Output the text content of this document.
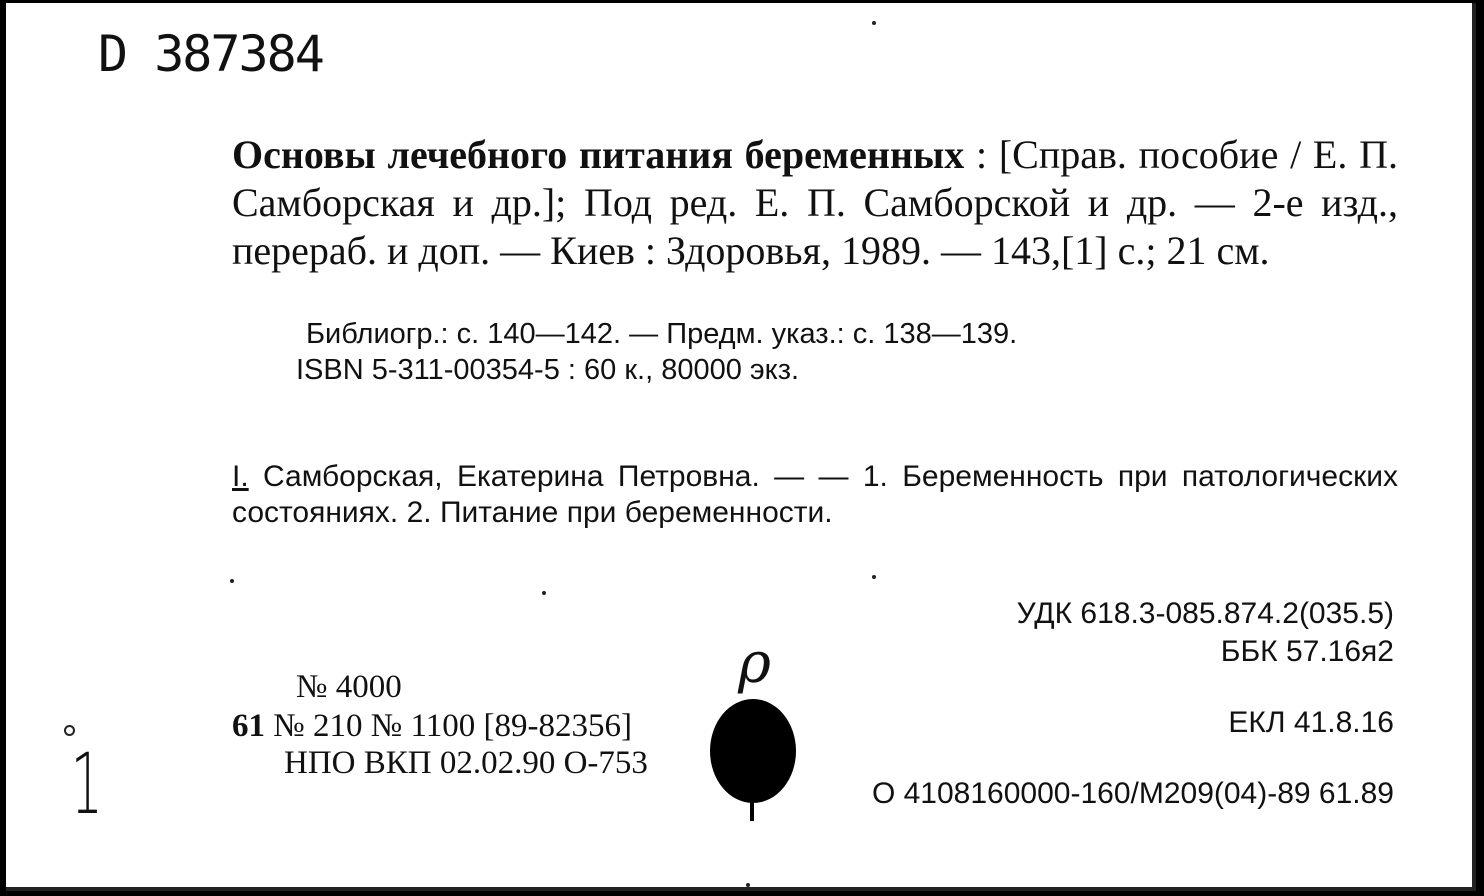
D 387384
Основы лечебного питания беременных : [Справ. пособие / Е. П. Самборская и др.]; Под ред. Е. П. Самборской и др. — 2-е изд., перераб. и доп. — Киев : Здоровья, 1989. — 143,[1] с.; 21 см.
Библиогр.: с. 140—142. — Предм. указ.: с. 138—139.
ISBN 5-311-00354-5 : 60 к., 80000 экз.
I. Самборская, Екатерина Петровна. — — 1. Беременность при патологических состояниях. 2. Питание при беременности.
УДК 618.3-085.874.2(035.5)
ББК 57.16я2
ЕКЛ 41.8.16
О 4108160000-160/М209(04)-89 61.89
№ 4000
61 № 210 № 1100 [89-82356]
НПО ВКП 02.02.90 О-753
ρ
1
